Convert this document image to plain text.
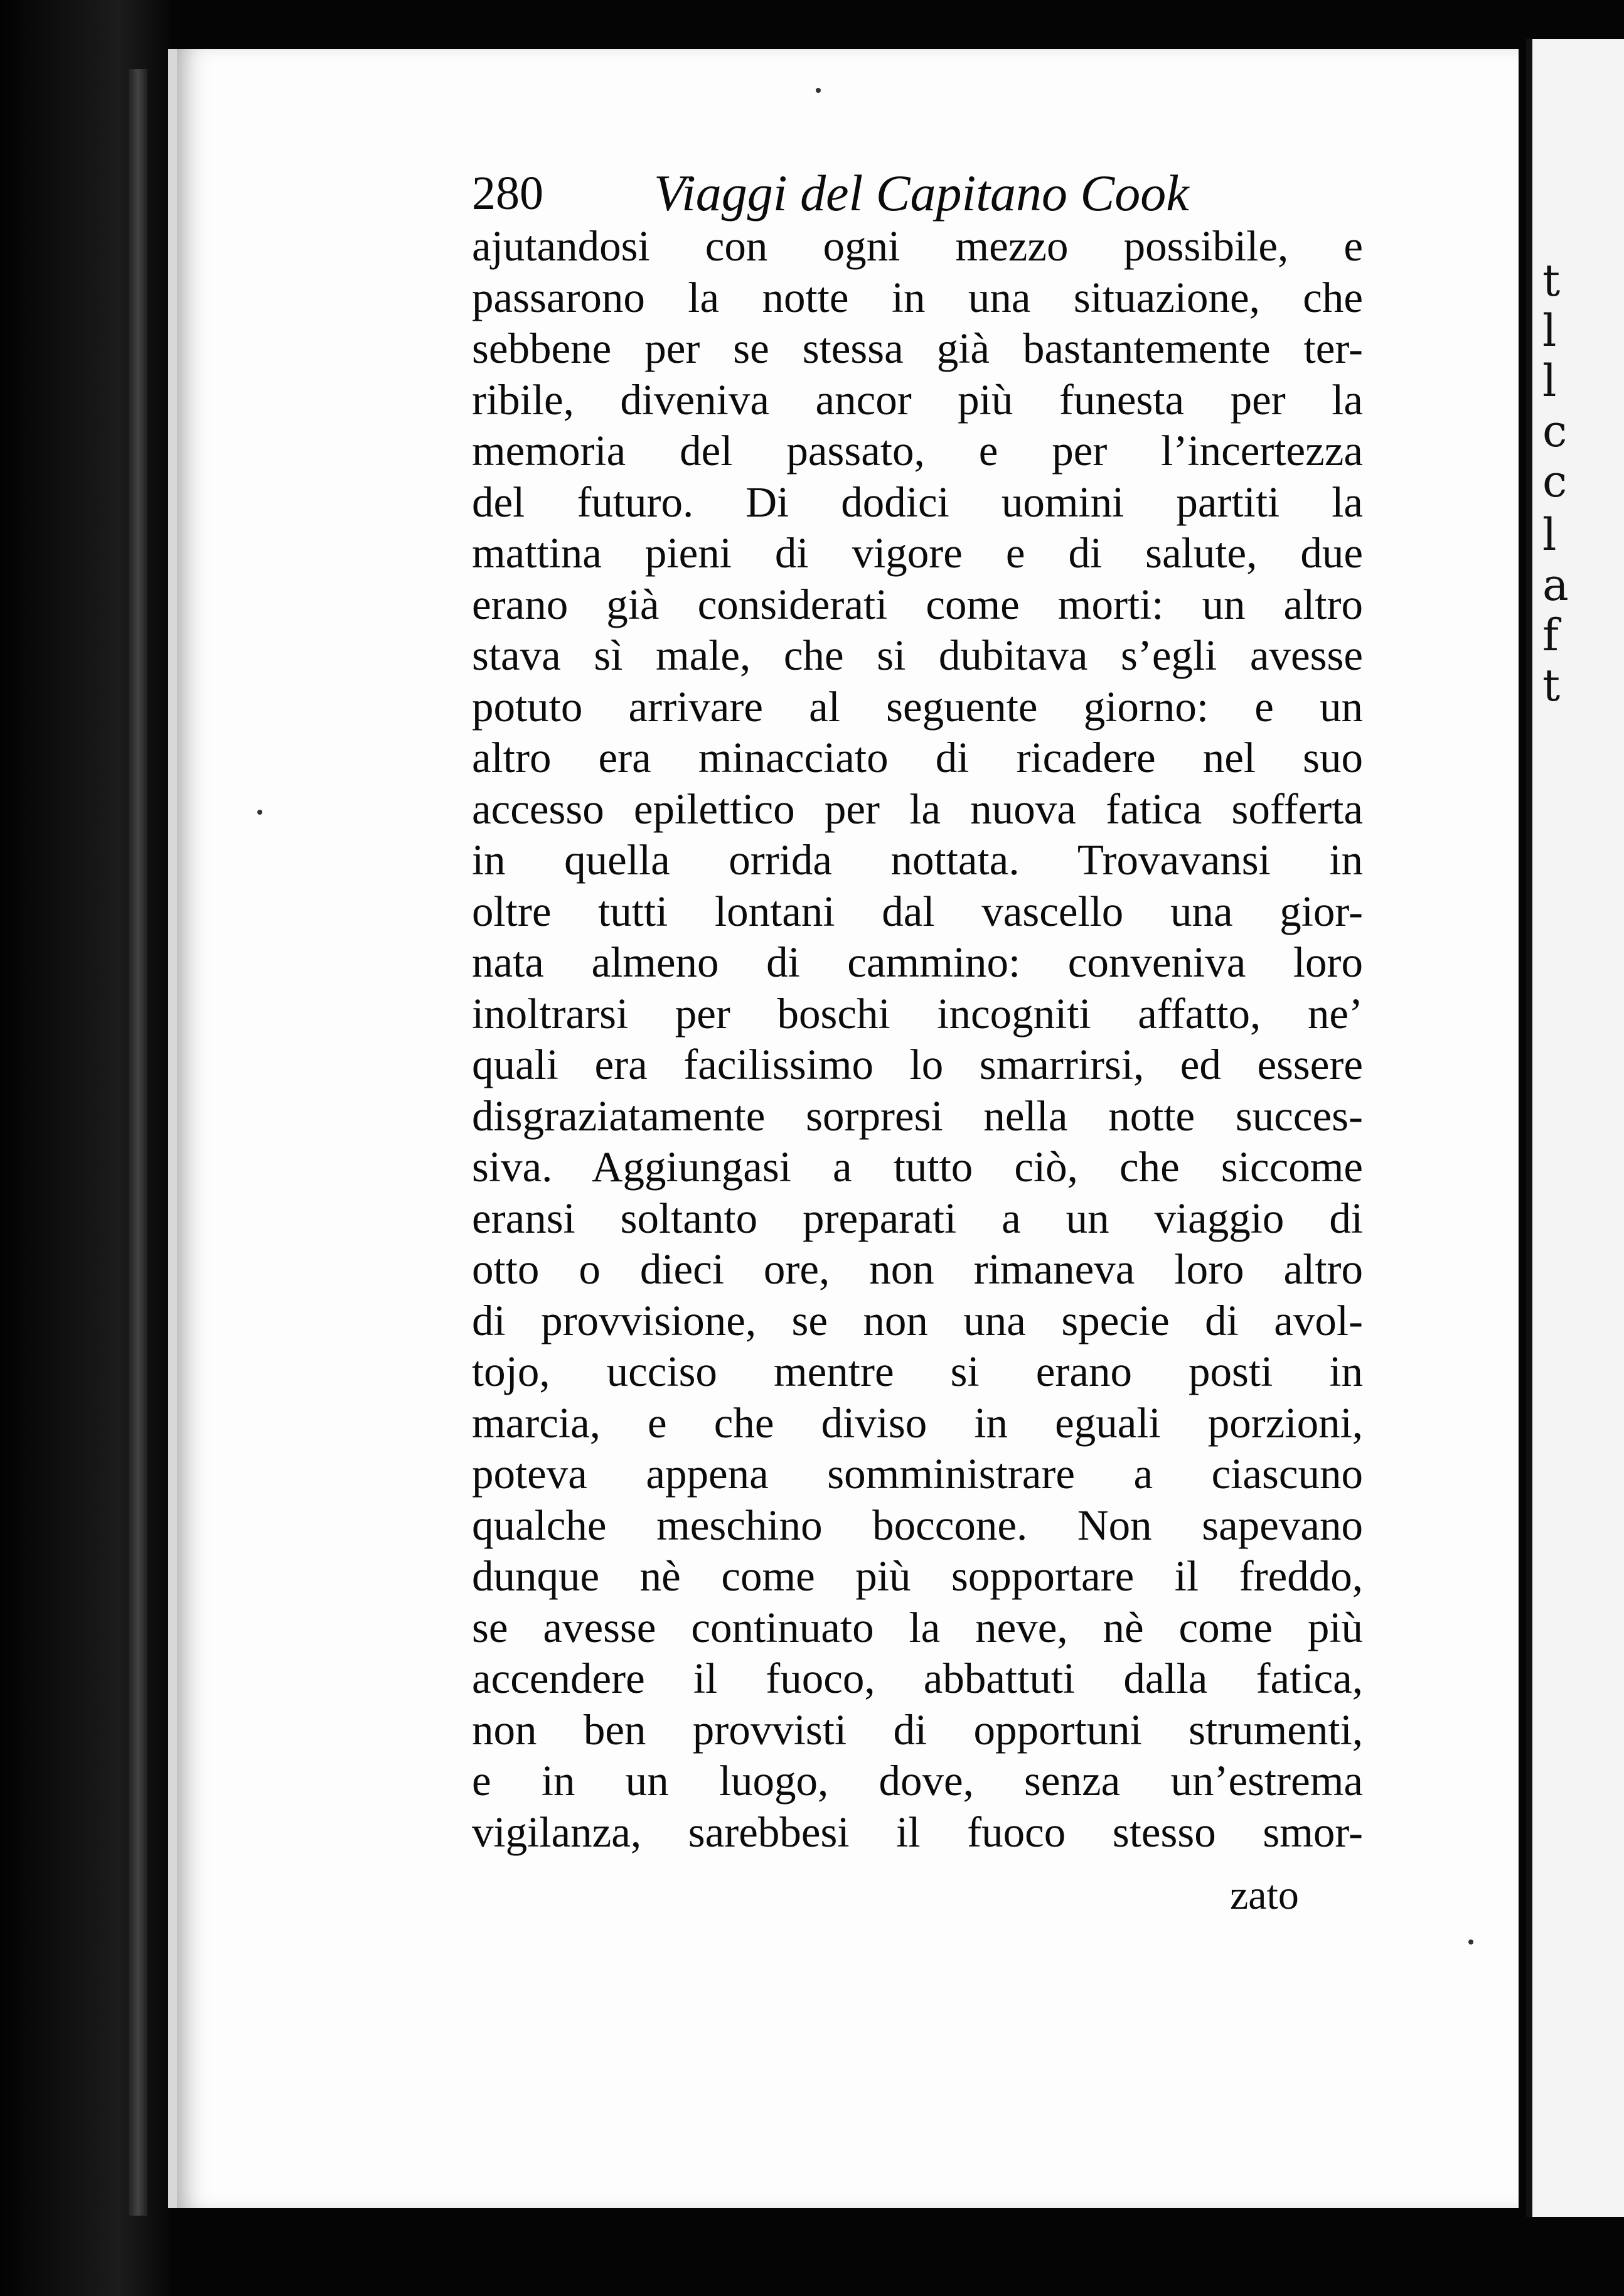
t
l
l
c
c
l
a
f
t
280 Viaggi del Capitano Cook
ajutandosi con ogni mezzo possibile, e
passarono la notte in una situazione, che
sebbene per se stessa già bastantemente ter-
ribile, diveniva ancor più funesta per la
memoria del passato, e per l’incertezza
del futuro. Di dodici uomini partiti la
mattina pieni di vigore e di salute, due
erano già considerati come morti: un altro
stava sì male, che si dubitava s’egli avesse
potuto arrivare al seguente giorno: e un
altro era minacciato di ricadere nel suo
accesso epilettico per la nuova fatica sofferta
in quella orrida nottata. Trovavansi in
oltre tutti lontani dal vascello una gior-
nata almeno di cammino: conveniva loro
inoltrarsi per boschi incogniti affatto, ne’
quali era facilissimo lo smarrirsi, ed essere
disgraziatamente sorpresi nella notte succes-
siva. Aggiungasi a tutto ciò, che siccome
eransi soltanto preparati a un viaggio di
otto o dieci ore, non rimaneva loro altro
di provvisione, se non una specie di avol-
tojo, ucciso mentre si erano posti in
marcia, e che diviso in eguali porzioni,
poteva appena somministrare a ciascuno
qualche meschino boccone. Non sapevano
dunque nè come più sopportare il freddo,
se avesse continuato la neve, nè come più
accendere il fuoco, abbattuti dalla fatica,
non ben provvisti di opportuni strumenti,
e in un luogo, dove, senza un’estrema
vigilanza, sarebbesi il fuoco stesso smor-
zato
